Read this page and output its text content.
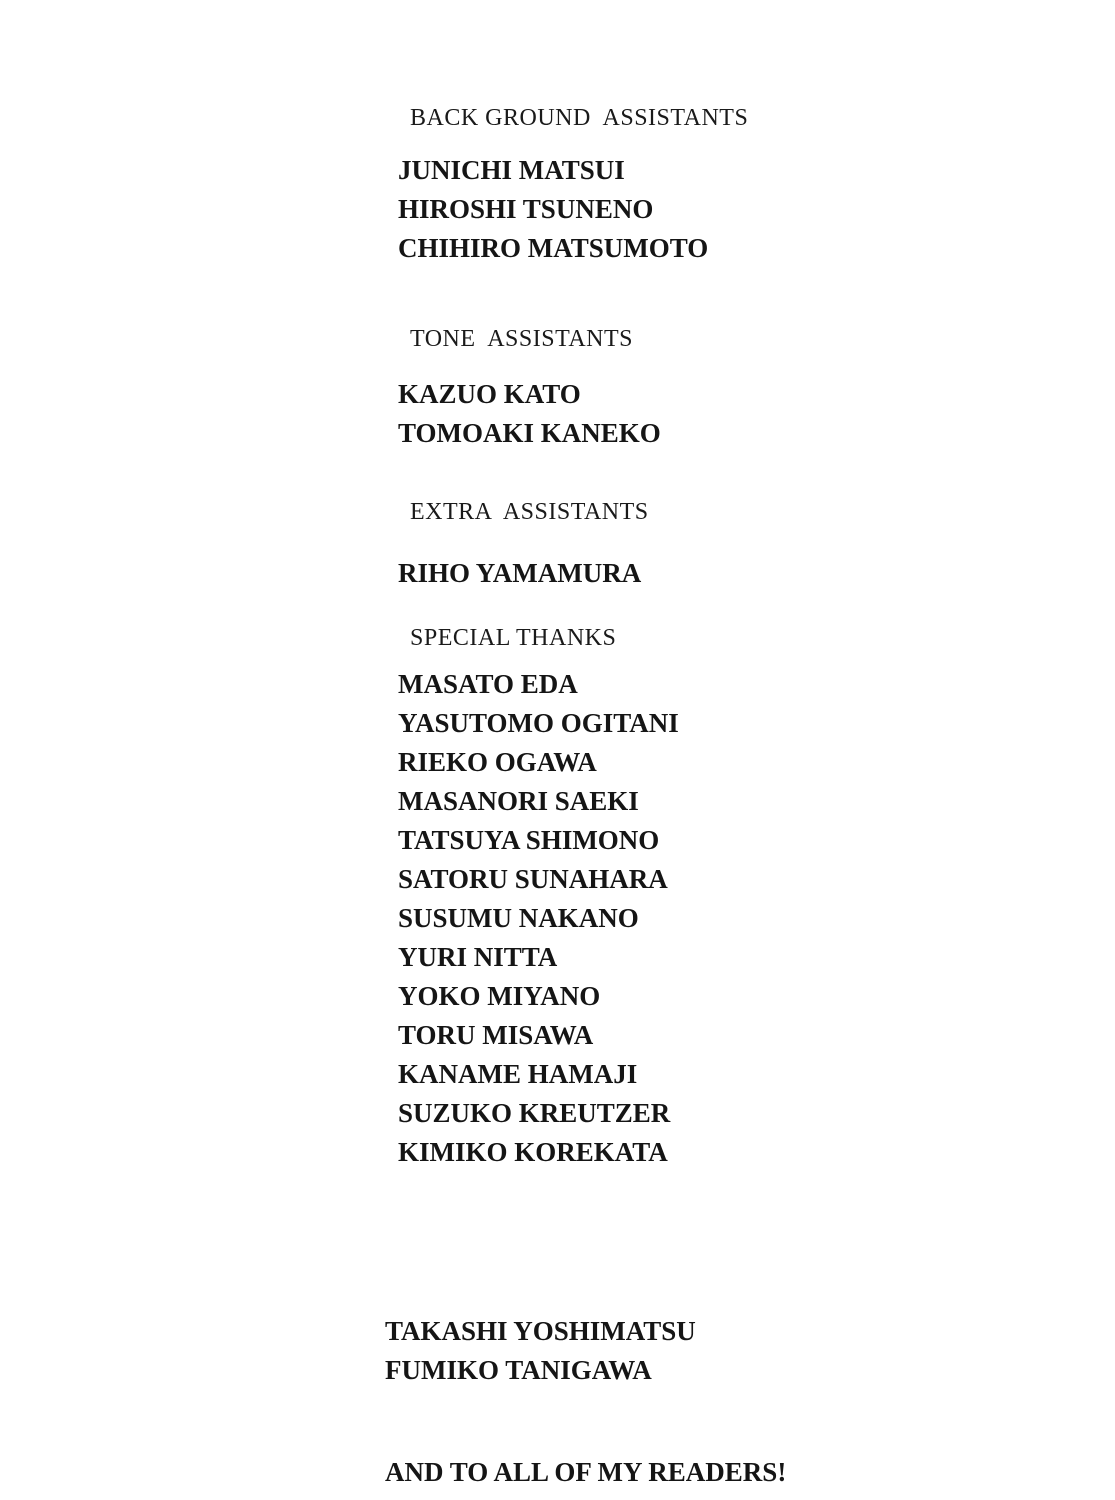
BACK GROUND  ASSISTANTS

JUNICHI MATSUI

HIROSHI TSUNENO

CHIHIRO MATSUMOTO

TONE  ASSISTANTS

KAZUO KATO

TOMOAKI KANEKO

EXTRA  ASSISTANTS

RIHO YAMAMURA

SPECIAL THANKS

MASATO EDA

YASUTOMO OGITANI

RIEKO OGAWA

MASANORI SAEKI

TATSUYA SHIMONO

SATORU SUNAHARA

SUSUMU NAKANO

YURI NITTA

YOKO MIYANO

TORU MISAWA

KANAME HAMAJI

SUZUKO KREUTZER

KIMIKO KOREKATA

TAKASHI YOSHIMATSU

FUMIKO TANIGAWA

AND TO ALL OF MY READERS!
